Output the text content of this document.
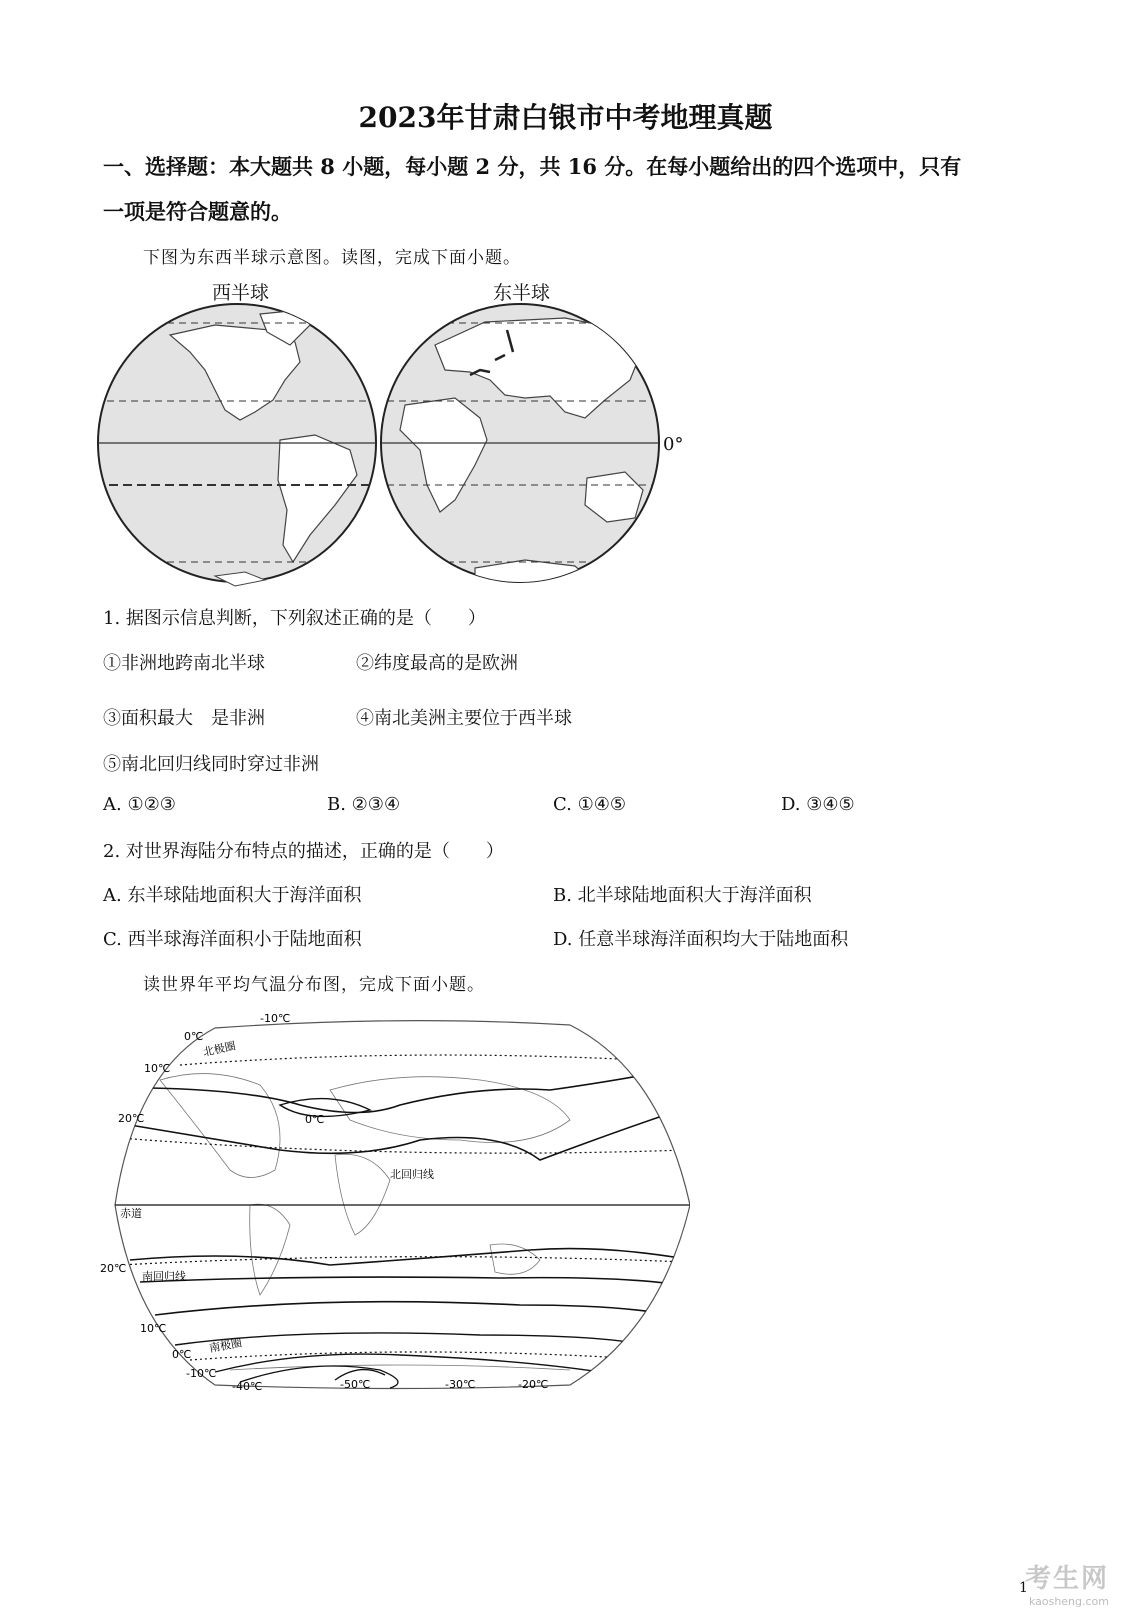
2023年甘肃白银市中考地理真题
一、选择题：本大题共 8 小题，每小题 2 分，共 16 分。在每小题给出的四个选项中，只有
一项是符合题意的。
下图为东西半球示意图。读图，完成下面小题。
西半球	东半球
0°
1. 据图示信息判断，下列叙述正确的是（　　）
①非洲地跨南北半球	②纬度最高的是欧洲
③面积最大　是非洲	④南北美洲主要位于西半球
⑤南北回归线同时穿过非洲
A. ①②③	B. ②③④	C. ①④⑤	D. ③④⑤
2. 对世界海陆分布特点的描述，正确的是（　　）
A. 东半球陆地面积大于海洋面积	B. 北半球陆地面积大于海洋面积
C. 西半球海洋面积小于陆地面积	D. 任意半球海洋面积均大于陆地面积
读世界年平均气温分布图，完成下面小题。
-10℃
0℃
北极圈
10℃
20℃	0℃
北回归线
赤道
20℃
南回归线
10℃
南极圈
0℃
-10℃
-40℃	-50℃	-30℃	-20℃
考生网
kaosheng.com
1
